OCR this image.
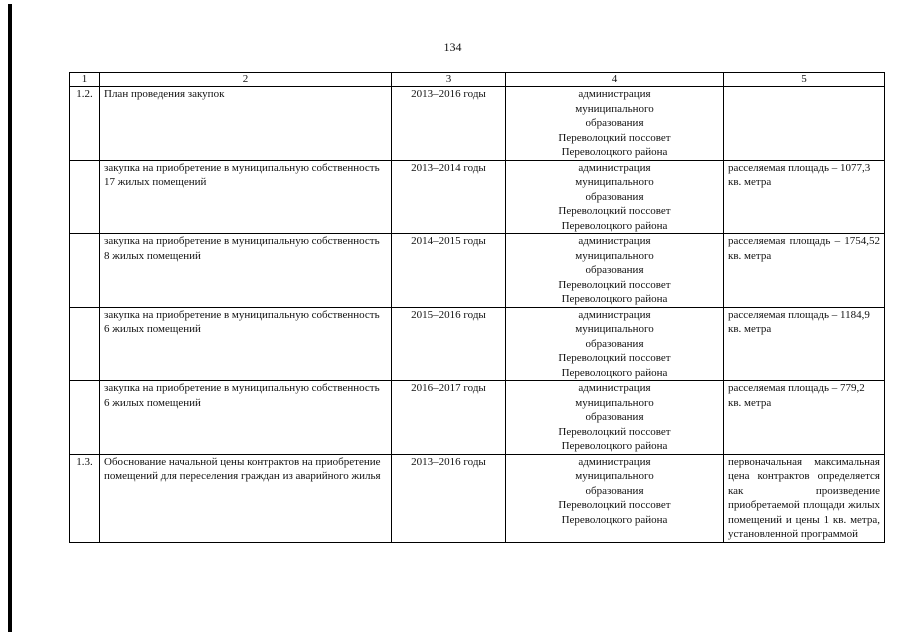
134
1	2	3	4	5
1.2.	План проведения закупок	2013–2016 годы	администрация
муниципального
образования
Переволоцкий поссовет
Переволоцкого района	

	закупка на приобретение в муниципальную собственность 17 жилых помещений	2013–2014 годы	администрация
муниципального
образования
Переволоцкий поссовет
Переволоцкого района	расселяемая площадь – 1077,3 кв. метра
	закупка на приобретение в муниципальную собственность 8 жилых помещений	2014–2015 годы	администрация
муниципального
образования
Переволоцкий поссовет
Переволоцкого района	расселяемая площадь – 1754,52 кв. метра
	закупка на приобретение в муниципальную собственность 6 жилых помещений	2015–2016 годы	администрация
муниципального
образования
Переволоцкий поссовет
Переволоцкого района	расселяемая площадь – 1184,9 кв. метра
	закупка на приобретение в муниципальную собственность 6 жилых помещений	2016–2017 годы	администрация
муниципального
образования
Переволоцкий поссовет
Переволоцкого района	расселяемая площадь – 779,2 кв. метра
1.3.	Обоснование начальной цены контрактов на приобретение помещений для переселения граждан из аварийного жилья	2013–2016 годы	администрация
муниципального
образования
Переволоцкий поссовет
Переволоцкого района	первоначальная максимальная цена контрактов определяется как произведение приобретаемой площади жилых помещений и цены 1 кв. метра, установленной программой
